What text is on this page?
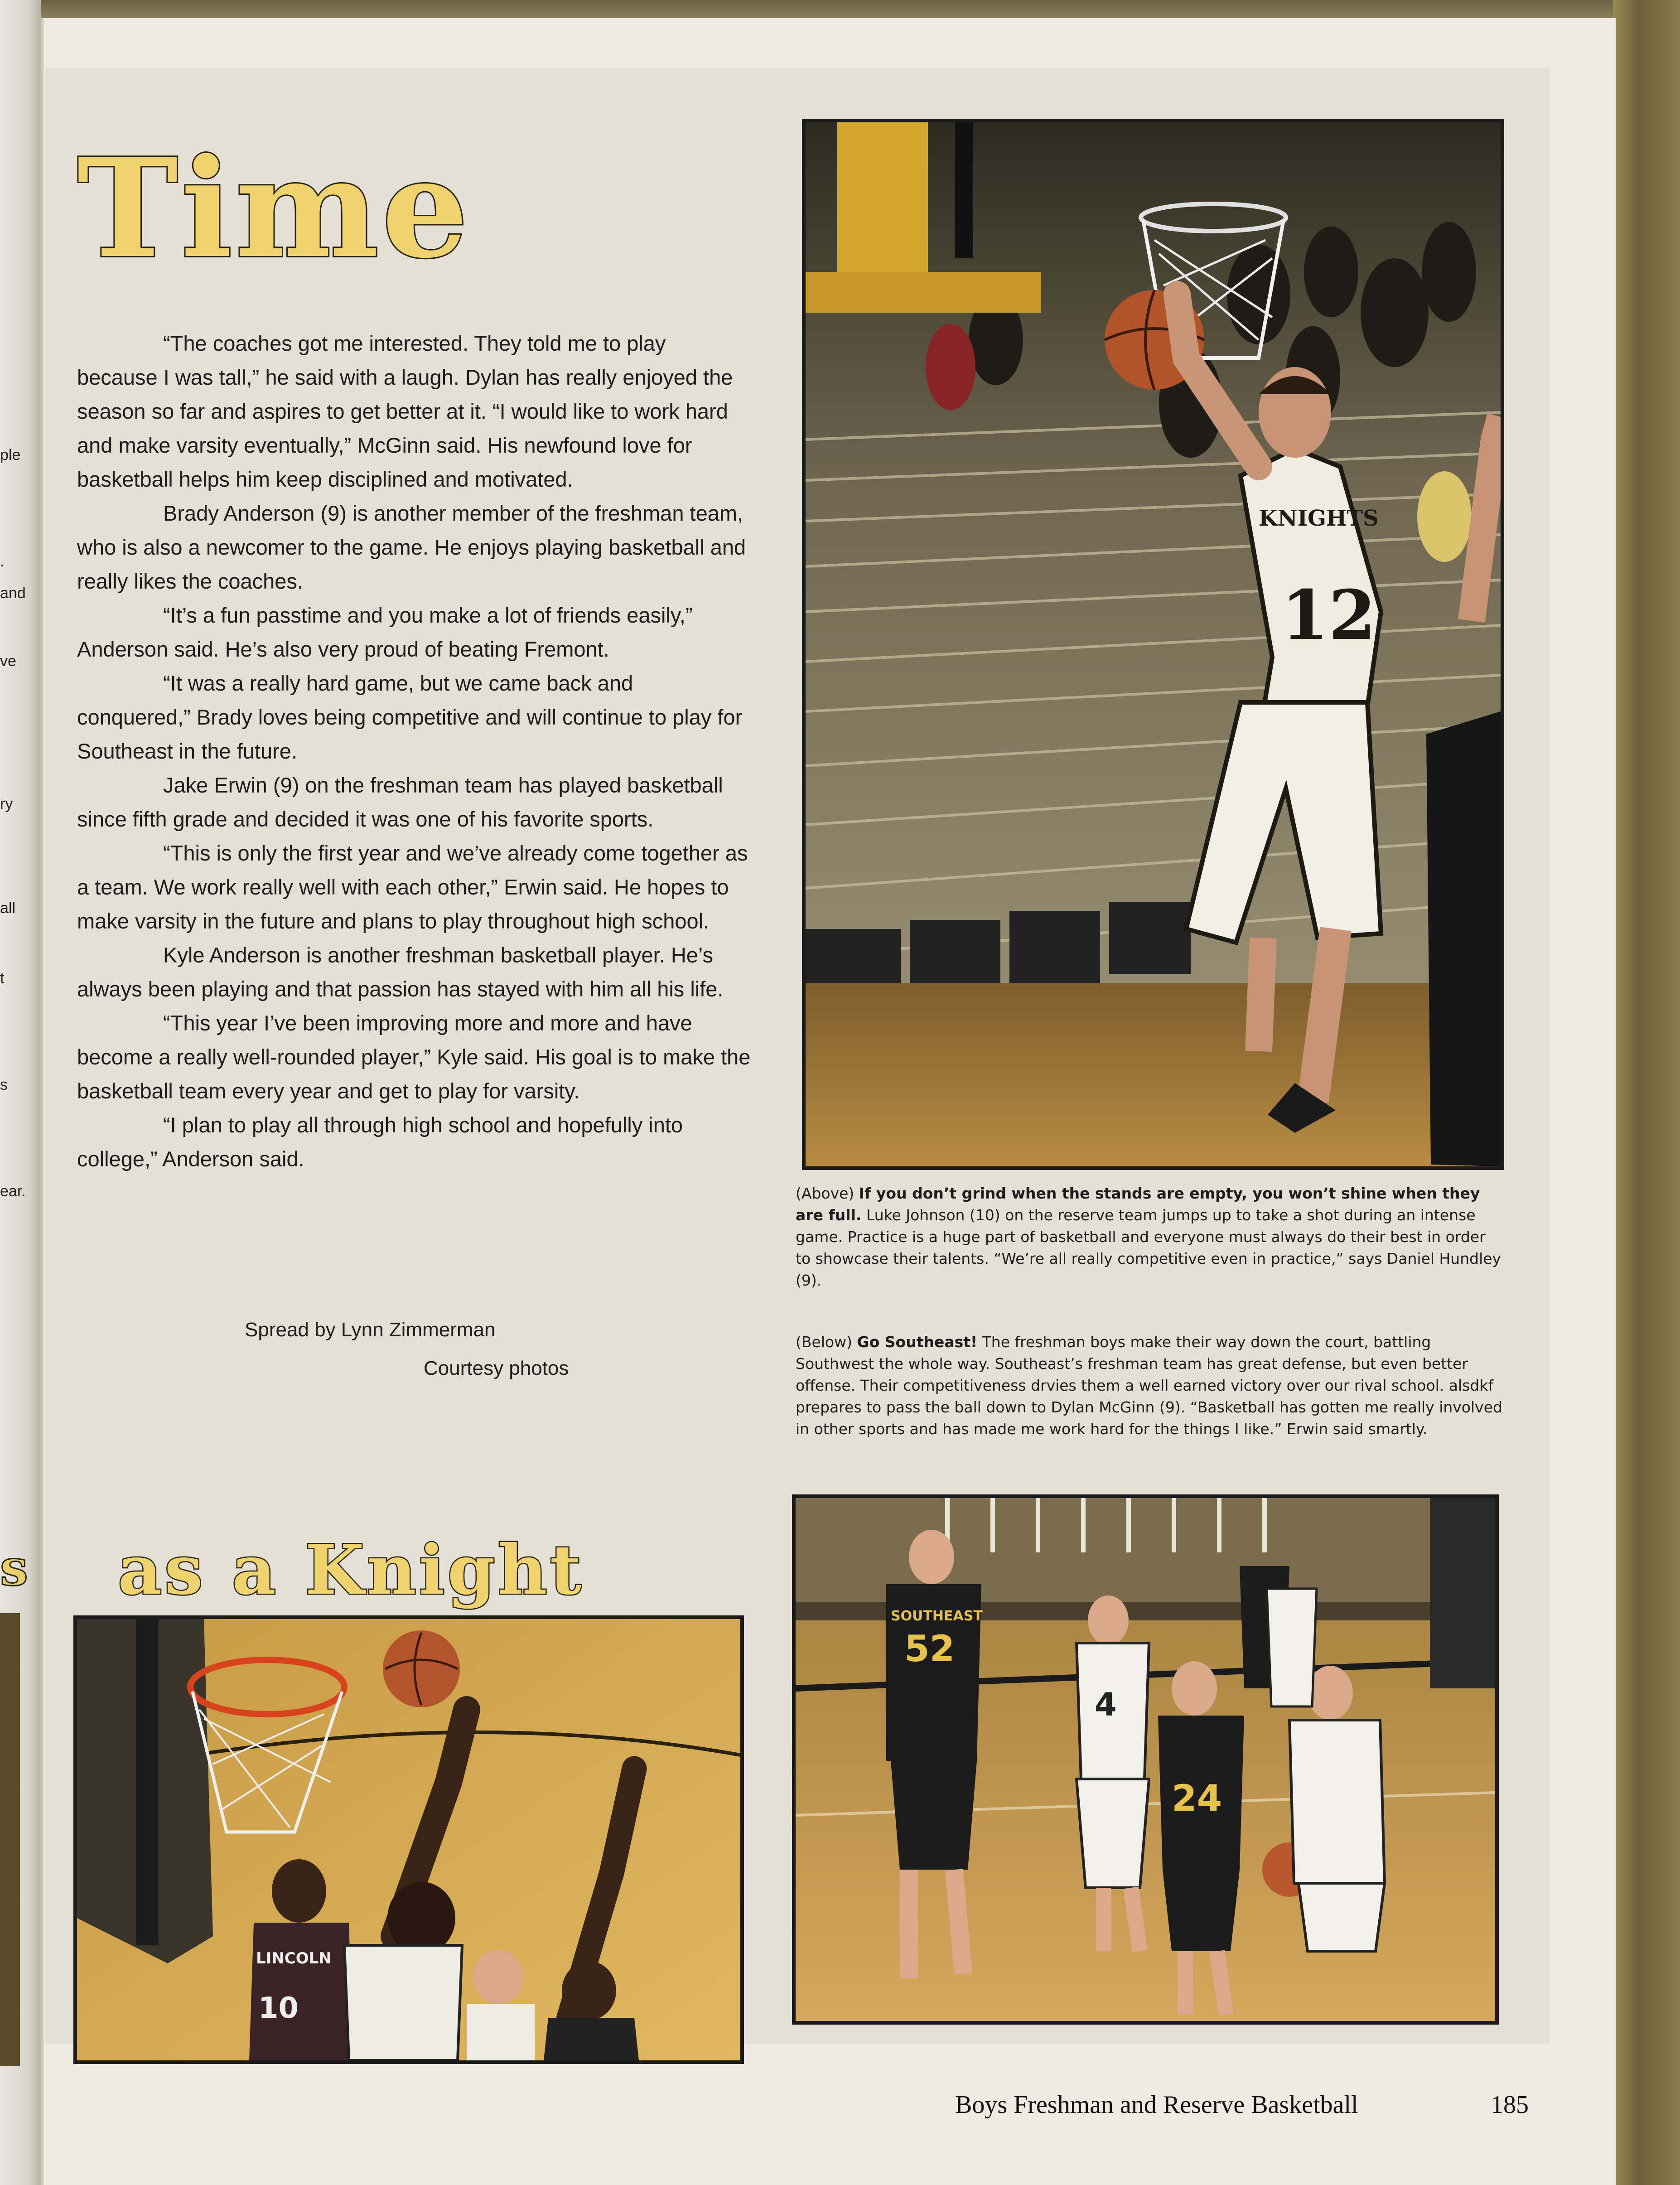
ple
.
and
ve
ry
all
t
s
ear.
s
Time
as a Knight

“The coaches got me interested. They told me to play because I was tall,” he said with a laugh. Dylan has really enjoyed the season so far and aspires to get better at it. “I would like to work hard and make varsity eventually,” McGinn said. His newfound love for basketball helps him keep disciplined and motivated.

Brady Anderson (9) is another member of the freshman team, who is also a newcomer to the game. He enjoys playing basketball and really likes the coaches.

“It’s a fun passtime and you make a lot of friends easily,” Anderson said. He’s also very proud of beating Fremont.

“It was a really hard game, but we came back and conquered,” Brady loves being competitive and will continue to play for Southeast in the future.

Jake Erwin (9) on the freshman team has played basketball since fifth grade and decided it was one of his favorite sports.

“This is only the first year and we’ve already come together as a team. We work really well with each other,” Erwin said. He hopes to make varsity in the future and plans to play throughout high school.

Kyle Anderson is another freshman basketball player. He’s always been playing and that passion has stayed with him all his life.

“This year I’ve been improving more and more and have become a really well-rounded player,” Kyle said. His goal is to make the basketball team every year and get to play for varsity.

“I plan to play all through high school and hopefully into college,” Anderson said.

Spread by Lynn Zimmerman
Courtesy photos
12
KNIGHTS
(Above) If you don’t grind when the stands are empty, you won’t shine when they are full. Luke Johnson (10) on the reserve team jumps up to take a shot during an intense game. Practice is a huge part of basketball and everyone must always do their best in order to showcase their talents. “We’re all really competitive even in practice,” says Daniel Hundley (9).
(Below) Go Southeast! The freshman boys make their way down the court, battling Southwest the whole way. Southeast’s freshman team has great defense, but even better offense. Their competitiveness drvies them a well earned victory over our rival school. alsdkf prepares to pass the ball down to Dylan McGinn (9). “Basketball has gotten me really involved in other sports and has made me work hard for the things I like.” Erwin said smartly.
52
SOUTHEAST
4
24
10
LINCOLN
Boys Freshman and Reserve Basketball	185
